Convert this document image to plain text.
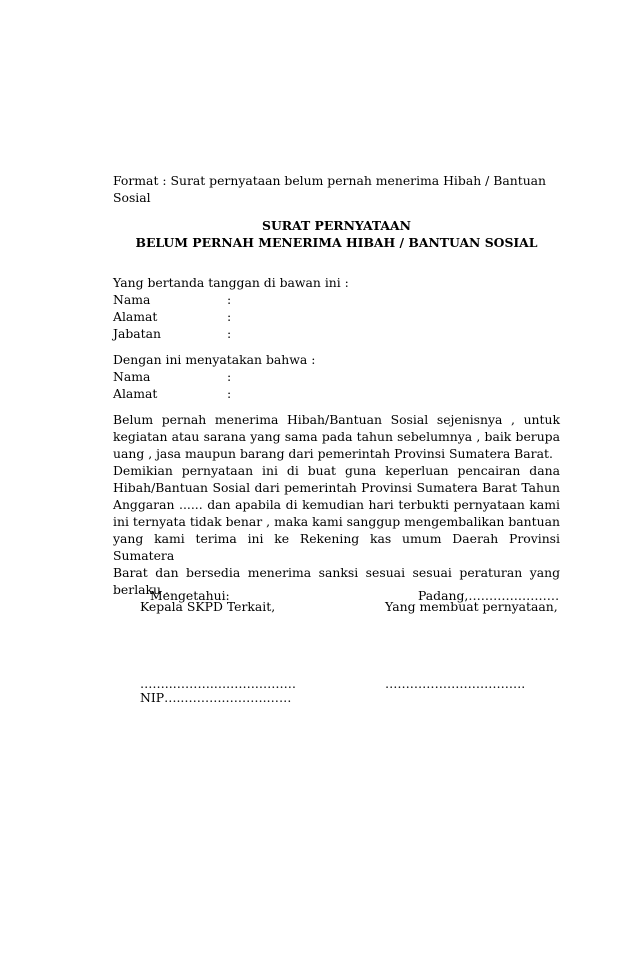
Format : Surat pernyataan belum pernah menerima Hibah / Bantuan
Sosial
SURAT PERNYATAAN
BELUM PERNAH MENERIMA HIBAH / BANTUAN SOSIAL
Yang bertanda tanggan di bawan ini :
Nama	:
Alamat	:
Jabatan	:
Dengan ini menyatakan bahwa :
Nama	:
Alamat	:
Belum pernah menerima Hibah/Bantuan Sosial sejenisnya , untuk
kegiatan atau sarana yang sama pada tahun sebelumnya , baik berupa
uang , jasa maupun barang dari pemerintah Provinsi Sumatera Barat.
Demikian pernyataan ini di buat guna keperluan pencairan dana
Hibah/Bantuan Sosial dari pemerintah Provinsi Sumatera Barat Tahun
Anggaran ...... dan apabila di kemudian hari terbukti pernyataan kami
ini ternyata tidak benar , maka kami sanggup mengembalikan bantuan
yang kami terima ini ke Rekening kas umum Daerah Provinsi Sumatera
Barat dan bersedia menerima sanksi sesuai sesuai peraturan yang
berlaku .
Mengetahui:
Kepala SKPD Terkait,
Padang,………………….
Yang membuat pernyataan,
……..……….….…….………
NIP…..……….……….……
…………………………….
